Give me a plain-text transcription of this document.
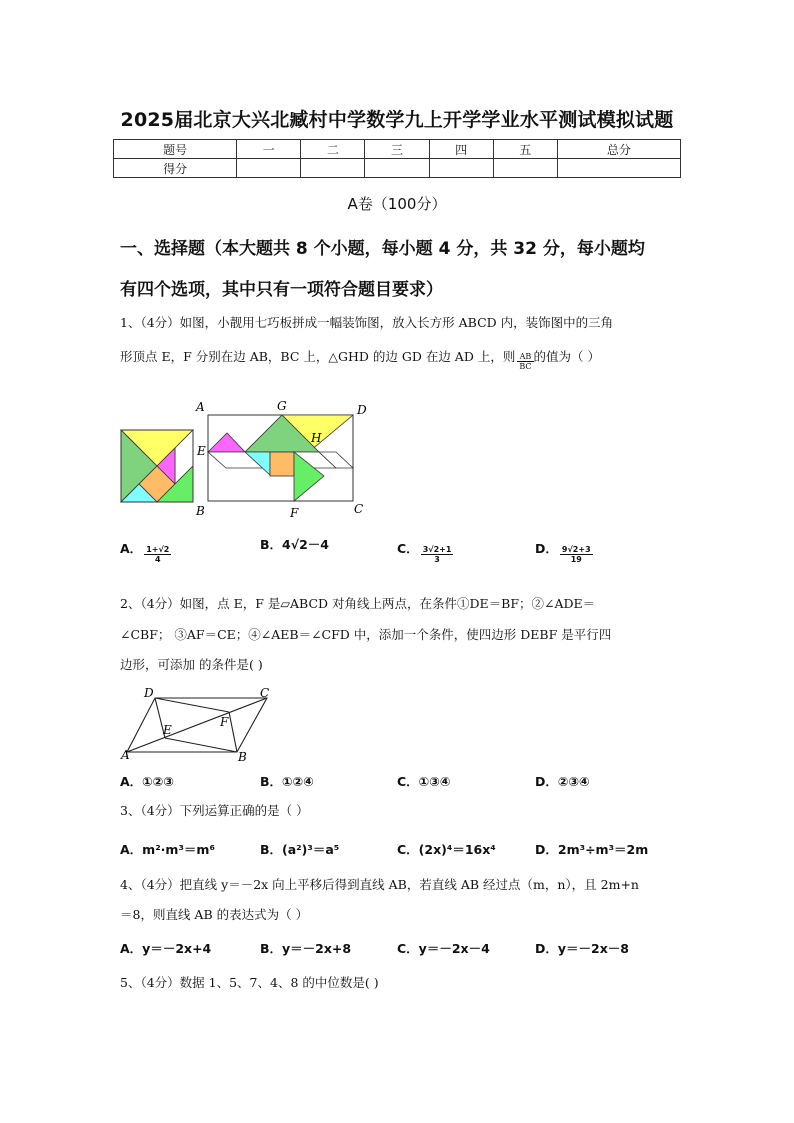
2025届北京大兴北臧村中学数学九上开学学业水平测试模拟试题
题号	一	二	三	四	五	总分
得分						
A卷（100分）
一、选择题（本大题共 8 个小题，每小题 4 分，共 32 分，每小题均
有四个选项，其中只有一项符合题目要求）
1、（4分）如图，小靓用七巧板拼成一幅装饰图，放入长方形 ABCD 内，装饰图中的三角
形顶点 E，F 分别在边 AB，BC 上，△GHD 的边 GD 在边 AD 上，则 $\frac{AB}{BC}$ 的值为（ ）
A	G	D
E
H
B	F	C
A． $\frac{1+√2}{4}$
B．4√2－4	C． $\frac{3√2+1}{3}$	D． $\frac{9√2+3}{19}$
2、（4分）如图，点 E，F 是▱ABCD 对角线上两点，在条件①DE＝BF；②∠ADE＝
∠CBF； ③AF＝CE；④∠AEB＝∠CFD 中，添加一个条件，使四边形 DEBF 是平行四
边形，可添加 的条件是( )
D	C
E
F
A	B
A．①②③	B．①②④	C．①③④	D．②③④
3、（4分）下列运算正确的是（ ）
A．m²·m³＝m⁶	B．(a²)³＝a⁵	C．(2x)⁴＝16x⁴	D．2m³÷m³＝2m
4、（4分）把直线 y＝－2x 向上平移后得到直线 AB，若直线 AB 经过点（m，n），且 2m+n
＝8，则直线 AB 的表达式为（ ）
A．y＝－2x+4	B．y＝－2x+8	C．y＝－2x－4	D．y＝－2x－8
5、（4分）数据 1、5、7、4、8 的中位数是( )
